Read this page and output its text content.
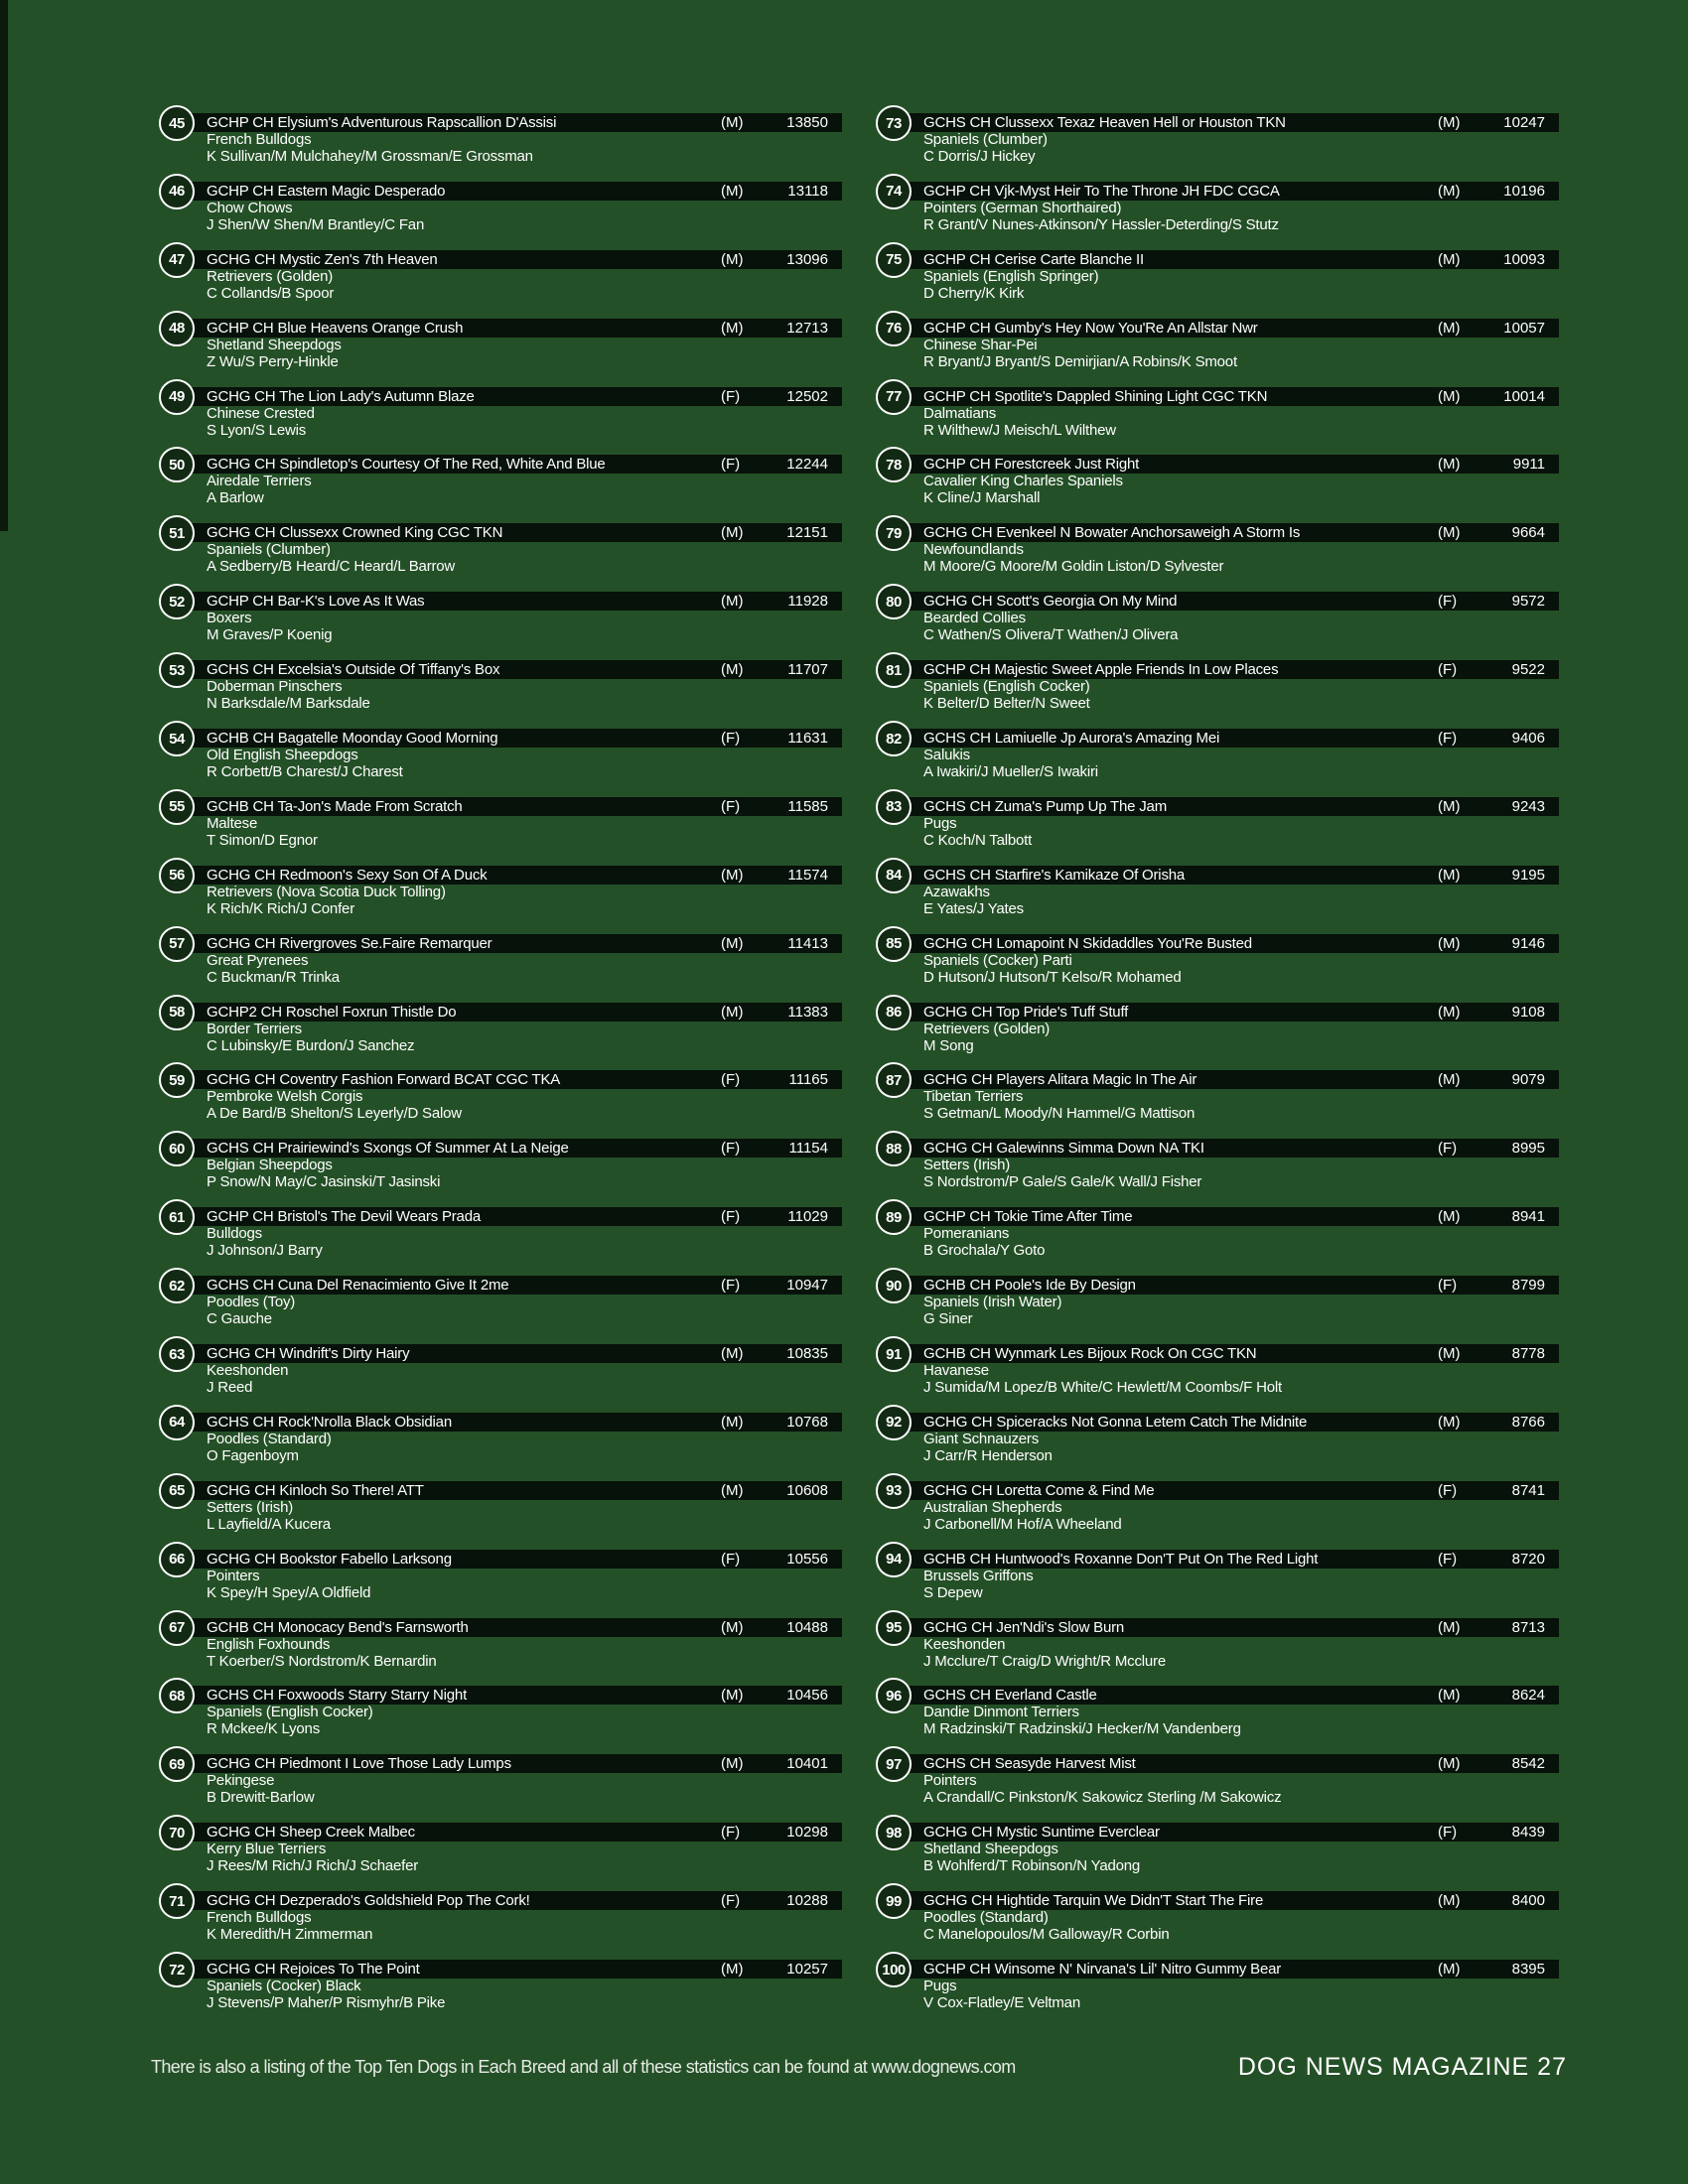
45	GCHP CH Elysium's Adventurous Rapscallion D'Assisi	(M)	13850
French Bulldogs
K Sullivan/M Mulchahey/M Grossman/E Grossman
46	GCHP CH Eastern Magic Desperado	(M)	13118
Chow Chows
J Shen/W Shen/M Brantley/C Fan
47	GCHG CH Mystic Zen's 7th Heaven	(M)	13096
Retrievers (Golden)
C Collands/B Spoor
48	GCHP CH Blue Heavens Orange Crush	(M)	12713
Shetland Sheepdogs
Z Wu/S Perry-Hinkle
49	GCHG CH The Lion Lady's Autumn Blaze	(F)	12502
Chinese Crested
S Lyon/S Lewis
50	GCHG CH Spindletop's Courtesy Of The Red, White And Blue	(F)	12244
Airedale Terriers
A Barlow
51	GCHG CH Clussexx Crowned King CGC TKN	(M)	12151
Spaniels (Clumber)
A Sedberry/B Heard/C Heard/L Barrow
52	GCHP CH Bar-K's Love As It Was	(M)	11928
Boxers
M Graves/P Koenig
53	GCHS CH Excelsia's Outside Of Tiffany's Box	(M)	11707
Doberman Pinschers
N Barksdale/M Barksdale
54	GCHB CH Bagatelle Moonday Good Morning	(F)	11631
Old English Sheepdogs
R Corbett/B Charest/J Charest
55	GCHB CH Ta-Jon's Made From Scratch	(F)	11585
Maltese
T Simon/D Egnor
56	GCHG CH Redmoon's Sexy Son Of A Duck	(M)	11574
Retrievers (Nova Scotia Duck Tolling)
K Rich/K Rich/J Confer
57	GCHG CH Rivergroves Se.Faire Remarquer	(M)	11413
Great Pyrenees
C Buckman/R Trinka
58	GCHP2 CH Roschel Foxrun Thistle Do	(M)	11383
Border Terriers
C Lubinsky/E Burdon/J Sanchez
59	GCHG CH Coventry Fashion Forward BCAT CGC TKA	(F)	11165
Pembroke Welsh Corgis
A De Bard/B Shelton/S Leyerly/D Salow
60	GCHS CH Prairiewind's Sxongs Of Summer At La Neige	(F)	11154
Belgian Sheepdogs
P Snow/N May/C Jasinski/T Jasinski
61	GCHP CH Bristol's The Devil Wears Prada	(F)	11029
Bulldogs
J Johnson/J Barry
62	GCHS CH Cuna Del Renacimiento Give It 2me	(F)	10947
Poodles (Toy)
C Gauche
63	GCHG CH Windrift's Dirty Hairy	(M)	10835
Keeshonden
J Reed
64	GCHS CH Rock'Nrolla Black Obsidian	(M)	10768
Poodles (Standard)
O Fagenboym
65	GCHG CH Kinloch So There! ATT	(M)	10608
Setters (Irish)
L Layfield/A Kucera
66	GCHG CH Bookstor Fabello Larksong	(F)	10556
Pointers
K Spey/H Spey/A Oldfield
67	GCHB CH Monocacy Bend's Farnsworth	(M)	10488
English Foxhounds
T Koerber/S Nordstrom/K Bernardin
68	GCHS CH Foxwoods Starry Starry Night	(M)	10456
Spaniels (English Cocker)
R Mckee/K Lyons
69	GCHG CH Piedmont I Love Those Lady Lumps	(M)	10401
Pekingese
B Drewitt-Barlow
70	GCHG CH Sheep Creek Malbec	(F)	10298
Kerry Blue Terriers
J Rees/M Rich/J Rich/J Schaefer
71	GCHG CH Dezperado's Goldshield Pop The Cork!	(F)	10288
French Bulldogs
K Meredith/H Zimmerman
72	GCHG CH Rejoices To The Point	(M)	10257
Spaniels (Cocker) Black
J Stevens/P Maher/P Rismyhr/B Pike
73	GCHS CH Clussexx Texaz Heaven Hell or Houston TKN	(M)	10247
Spaniels (Clumber)
C Dorris/J Hickey
74	GCHP CH Vjk-Myst Heir To The Throne JH FDC CGCA	(M)	10196
Pointers (German Shorthaired)
R Grant/V Nunes-Atkinson/Y Hassler-Deterding/S Stutz
75	GCHP CH Cerise Carte Blanche II	(M)	10093
Spaniels (English Springer)
D Cherry/K Kirk
76	GCHP CH Gumby's Hey Now You'Re An Allstar Nwr	(M)	10057
Chinese Shar-Pei
R Bryant/J Bryant/S Demirjian/A Robins/K Smoot
77	GCHP CH Spotlite's Dappled Shining Light CGC TKN	(M)	10014
Dalmatians
R Wilthew/J Meisch/L Wilthew
78	GCHP CH Forestcreek Just Right	(M)	9911
Cavalier King Charles Spaniels
K Cline/J Marshall
79	GCHG CH Evenkeel N Bowater Anchorsaweigh A Storm Is	(M)	9664
Newfoundlands
M Moore/G Moore/M Goldin Liston/D Sylvester
80	GCHG CH Scott's Georgia On My Mind	(F)	9572
Bearded Collies
C Wathen/S Olivera/T Wathen/J Olivera
81	GCHP CH Majestic Sweet Apple Friends In Low Places	(F)	9522
Spaniels (English Cocker)
K Belter/D Belter/N Sweet
82	GCHS CH Lamiuelle Jp Aurora's Amazing Mei	(F)	9406
Salukis
A Iwakiri/J Mueller/S Iwakiri
83	GCHS CH Zuma's Pump Up The Jam	(M)	9243
Pugs
C Koch/N Talbott
84	GCHS CH Starfire's Kamikaze Of Orisha	(M)	9195
Azawakhs
E Yates/J Yates
85	GCHG CH Lomapoint N Skidaddles You'Re Busted	(M)	9146
Spaniels (Cocker) Parti
D Hutson/J Hutson/T Kelso/R Mohamed
86	GCHG CH Top Pride's Tuff Stuff	(M)	9108
Retrievers (Golden)
M Song
87	GCHG CH Players Alitara Magic In The Air	(M)	9079
Tibetan Terriers
S Getman/L Moody/N Hammel/G Mattison
88	GCHG CH Galewinns Simma Down NA TKI	(F)	8995
Setters (Irish)
S Nordstrom/P Gale/S Gale/K Wall/J Fisher
89	GCHP CH Tokie Time After Time	(M)	8941
Pomeranians
B Grochala/Y Goto
90	GCHB CH Poole's Ide By Design	(F)	8799
Spaniels (Irish Water)
G Siner
91	GCHB CH Wynmark Les Bijoux Rock On CGC TKN	(M)	8778
Havanese
J Sumida/M Lopez/B White/C Hewlett/M Coombs/F Holt
92	GCHG CH Spiceracks Not Gonna Letem Catch The Midnite	(M)	8766
Giant Schnauzers
J Carr/R Henderson
93	GCHG CH Loretta Come & Find Me	(F)	8741
Australian Shepherds
J Carbonell/M Hof/A Wheeland
94	GCHB CH Huntwood's Roxanne Don'T Put On The Red Light	(F)	8720
Brussels Griffons
S Depew
95	GCHG CH Jen'Ndi's Slow Burn	(M)	8713
Keeshonden
J Mcclure/T Craig/D Wright/R Mcclure
96	GCHS CH Everland Castle	(M)	8624
Dandie Dinmont Terriers
M Radzinski/T Radzinski/J Hecker/M Vandenberg
97	GCHS CH Seasyde Harvest Mist	(M)	8542
Pointers
A Crandall/C Pinkston/K Sakowicz Sterling /M Sakowicz
98	GCHG CH Mystic Suntime Everclear	(F)	8439
Shetland Sheepdogs
B Wohlferd/T Robinson/N Yadong
99	GCHG CH Hightide Tarquin We Didn'T Start The Fire	(M)	8400
Poodles (Standard)
C Manelopoulos/M Galloway/R Corbin
100	GCHP CH Winsome N' Nirvana's Lil' Nitro Gummy Bear	(M)	8395
Pugs
V Cox-Flatley/E Veltman
There is also a listing of the Top Ten Dogs in Each Breed and all of these statistics can be found at www.dognews.com	DOG NEWS MAGAZINE 27
